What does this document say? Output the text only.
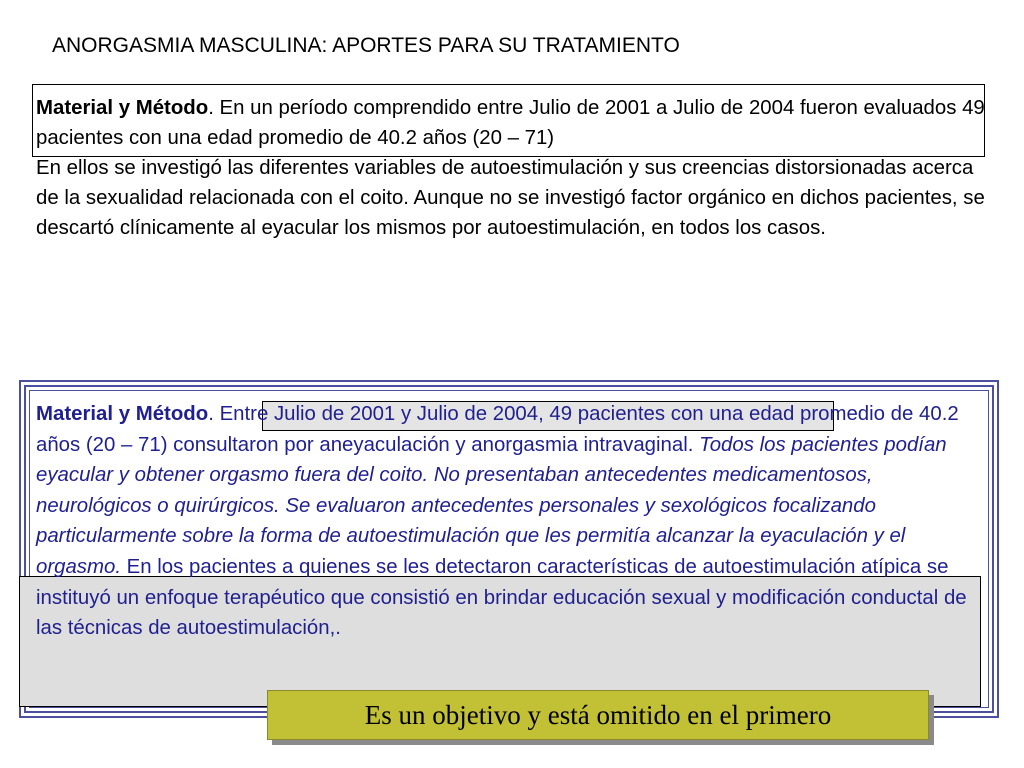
ANORGASMIA MASCULINA: APORTES PARA SU TRATAMIENTO

Material y Método. En un período comprendido entre Julio de 2001 a Julio de 2004 fueron evaluados 49 pacientes con una edad promedio de 40.2 años (20 – 71)

En ellos se investigó las diferentes variables de autoestimulación y sus creencias distorsionadas acerca de la sexualidad relacionada con el coito. Aunque no se investigó factor orgánico en dichos pacientes, se descartó clínicamente al eyacular los mismos por autoestimulación, en todos los casos.

Material y Método. Entre Julio de 2001 y Julio de 2004, 49 pacientes con una edad promedio de 40.2 años (20 – 71) consultaron por aneyaculación y anorgasmia intravaginal. Todos los pacientes podían eyacular y obtener orgasmo fuera del coito. No presentaban antecedentes medicamentosos, neurológicos o quirúrgicos. Se evaluaron antecedentes personales y sexológicos focalizando particularmente sobre la forma de autoestimulación que les permitía alcanzar la eyaculación y el orgasmo. En los pacientes a quienes se les detectaron características de autoestimulación atípica se instituyó un enfoque terapéutico que consistió en brindar educación sexual y modificación conductal de las técnicas de autoestimulación,.
Es un objetivo y está omitido en el primero
